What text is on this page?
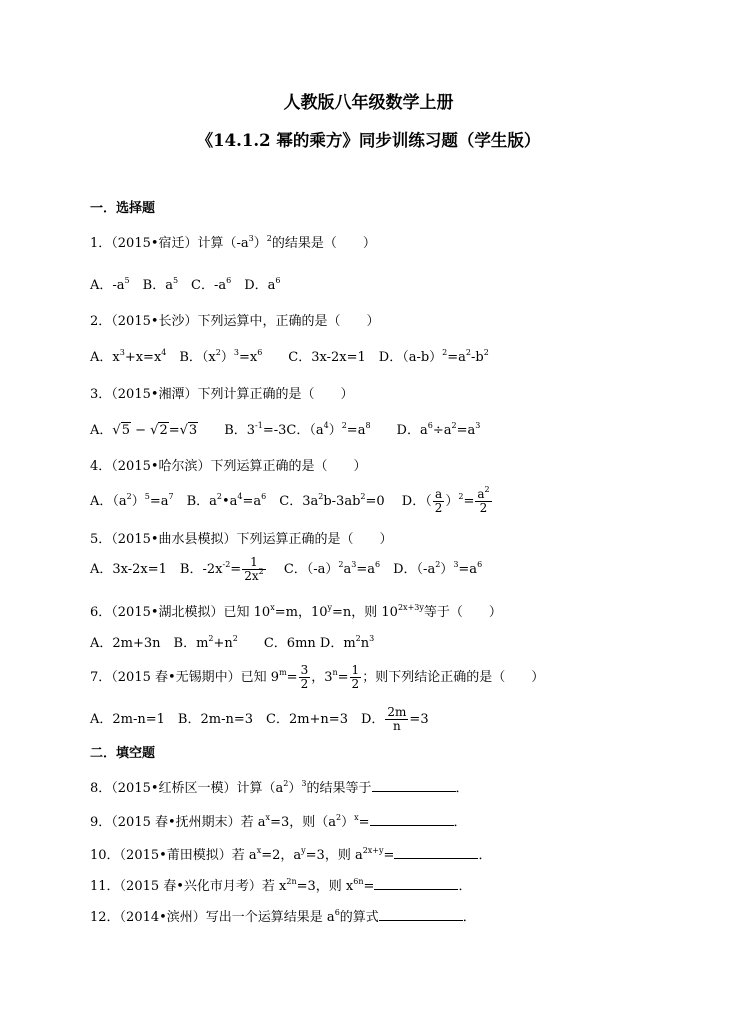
人教版八年级数学上册
《14.1.2 幂的乘方》同步训练习题（学生版）
一．选择题
1．（2015•宿迁）计算$(-a^3)^2$的结果是（　　）
A．$-a^5$　B．$a^5$　C．$-a^6$　D．$a^6$
2．（2015•长沙）下列运算中，正确的是（　　）
A．$x^3+x=x^4$　B．$(x^2)^3=x^6$　　C．3x-2x=1　D．$(a-b)^2=a^2-b^2$
3．（2015•湘潭）下列计算正确的是（　　）
A．√5 − √2=√3　　B．$3^{-1}=-3C$．$(a^4)^2=a^8$　　D．$a^6\div a^2=a^3$
4．（2015•哈尔滨）下列运算正确的是（　　）
A．$(a^2)^5=a^7$　B．$a^2•a^4=a^6$　C．$3a^2b-3ab^2=0$　 D．（ $\frac{a}{2} )^2= \frac{a^2}{2}$
5．（2015•曲水县模拟）下列运算正确的是（　　）
A．3x-2x=1　B．$-2x^{-2}= \frac{1}{2x^2}$ 　 C．$(-a)^2a^3=a^6$　D．$(-a^2)^3=a^6$
6．（2015•湖北模拟）已知 $10^x=m$，$10^y=n$，则 $10^{2x+3y}$等于（　　）
A．2m+3n　B．$m^2+n^2$　　C．6mn D．$m^2n^3$
7．（2015 春•无锡期中）已知 $9^m= \frac{3}{2}$ ，$3^n= \frac{1}{2}$ ；则下列结论正确的是（　　）
A．2m-n=1　B．2m-n=3　C．2m+n=3　D． $\frac{2m}{n} =3$
二．填空题
8．（2015•红桥区一模）计算$(a^2)^3$的结果等于	．
9．（2015 春•抚州期末）若 $a^x=3$，则$(a^2)^x=$	．
10．（2015•莆田模拟）若 $a^x=2$，$a^y=3$，则 $a^{2x+y}=$	．
11．（2015 春•兴化市月考）若 $x^{2n}=3$，则 $x^{6n}=$	．
12．（2014•滨州）写出一个运算结果是 $a^6$的算式	．
